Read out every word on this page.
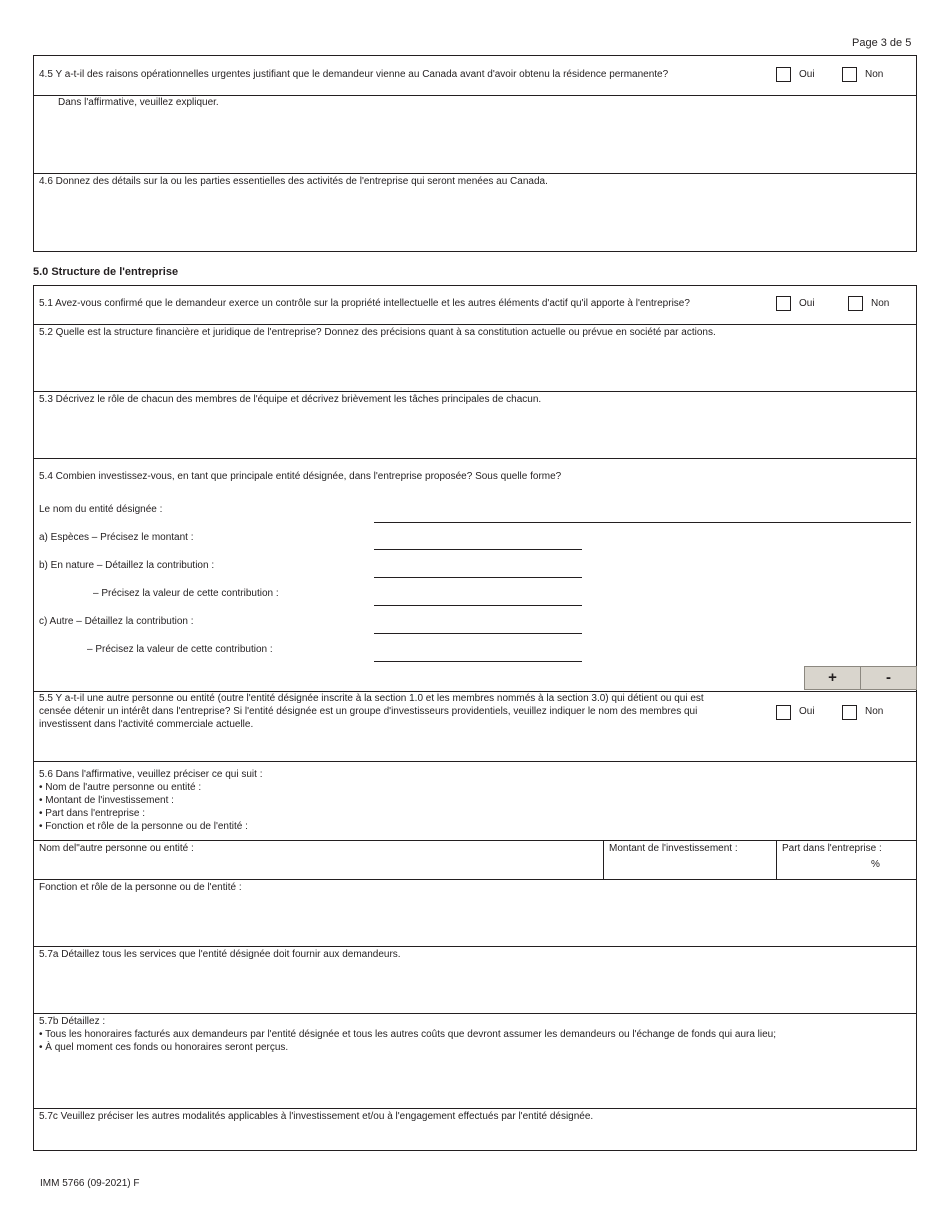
Page 3 de 5
4.5 Y a-t-il des raisons opérationnelles urgentes justifiant que le demandeur vienne au Canada avant d'avoir obtenu la résidence permanente?	Oui	Non
Dans l'affirmative, veuillez expliquer.
4.6 Donnez des détails sur la ou les parties essentielles des activités de l'entreprise qui seront menées au Canada.
5.0 Structure de l'entreprise
5.1 Avez-vous confirmé que le demandeur exerce un contrôle sur la propriété intellectuelle et les autres éléments d'actif qu'il apporte à l'entreprise?	Oui	Non
5.2 Quelle est la structure financière et juridique de l'entreprise? Donnez des précisions quant à sa constitution actuelle ou prévue en société par actions.
5.3 Décrivez le rôle de chacun des membres de l'équipe et décrivez brièvement les tâches principales de chacun.
5.4 Combien investissez-vous, en tant que principale entité désignée, dans l'entreprise proposée? Sous quelle forme?
Le nom du entité désignée :
a) Espèces – Précisez le montant :
b) En nature – Détaillez la contribution :
– Précisez la valeur de cette contribution :
c) Autre – Détaillez la contribution :
– Précisez la valeur de cette contribution :
+	-
5.5 Y a-t-il une autre personne ou entité (outre l'entité désignée inscrite à la section 1.0 et les membres nommés à la section 3.0) qui détient ou qui est
censée détenir un intérêt dans l'entreprise? Si l'entité désignée est un groupe d'investisseurs providentiels, veuillez indiquer le nom des membres qui
investissent dans l'activité commerciale actuelle.
Oui	Non
5.6 Dans l'affirmative, veuillez préciser ce qui suit :
• Nom de l'autre personne ou entité :
• Montant de l'investissement :
• Part dans l'entreprise :
• Fonction et rôle de la personne ou de l'entité :
Nom del"autre personne ou entité :	Montant de l'investissement :	Part dans l'entreprise :
%
Fonction et rôle de la personne ou de l'entité :
5.7a Détaillez tous les services que l'entité désignée doit fournir aux demandeurs.
5.7b Détaillez :
• Tous les honoraires facturés aux demandeurs par l'entité désignée et tous les autres coûts que devront assumer les demandeurs ou l'échange de fonds qui aura lieu;
• À quel moment ces fonds ou honoraires seront perçus.
5.7c Veuillez préciser les autres modalités applicables à l'investissement et/ou à l'engagement effectués par l'entité désignée.
IMM 5766 (09-2021) F
